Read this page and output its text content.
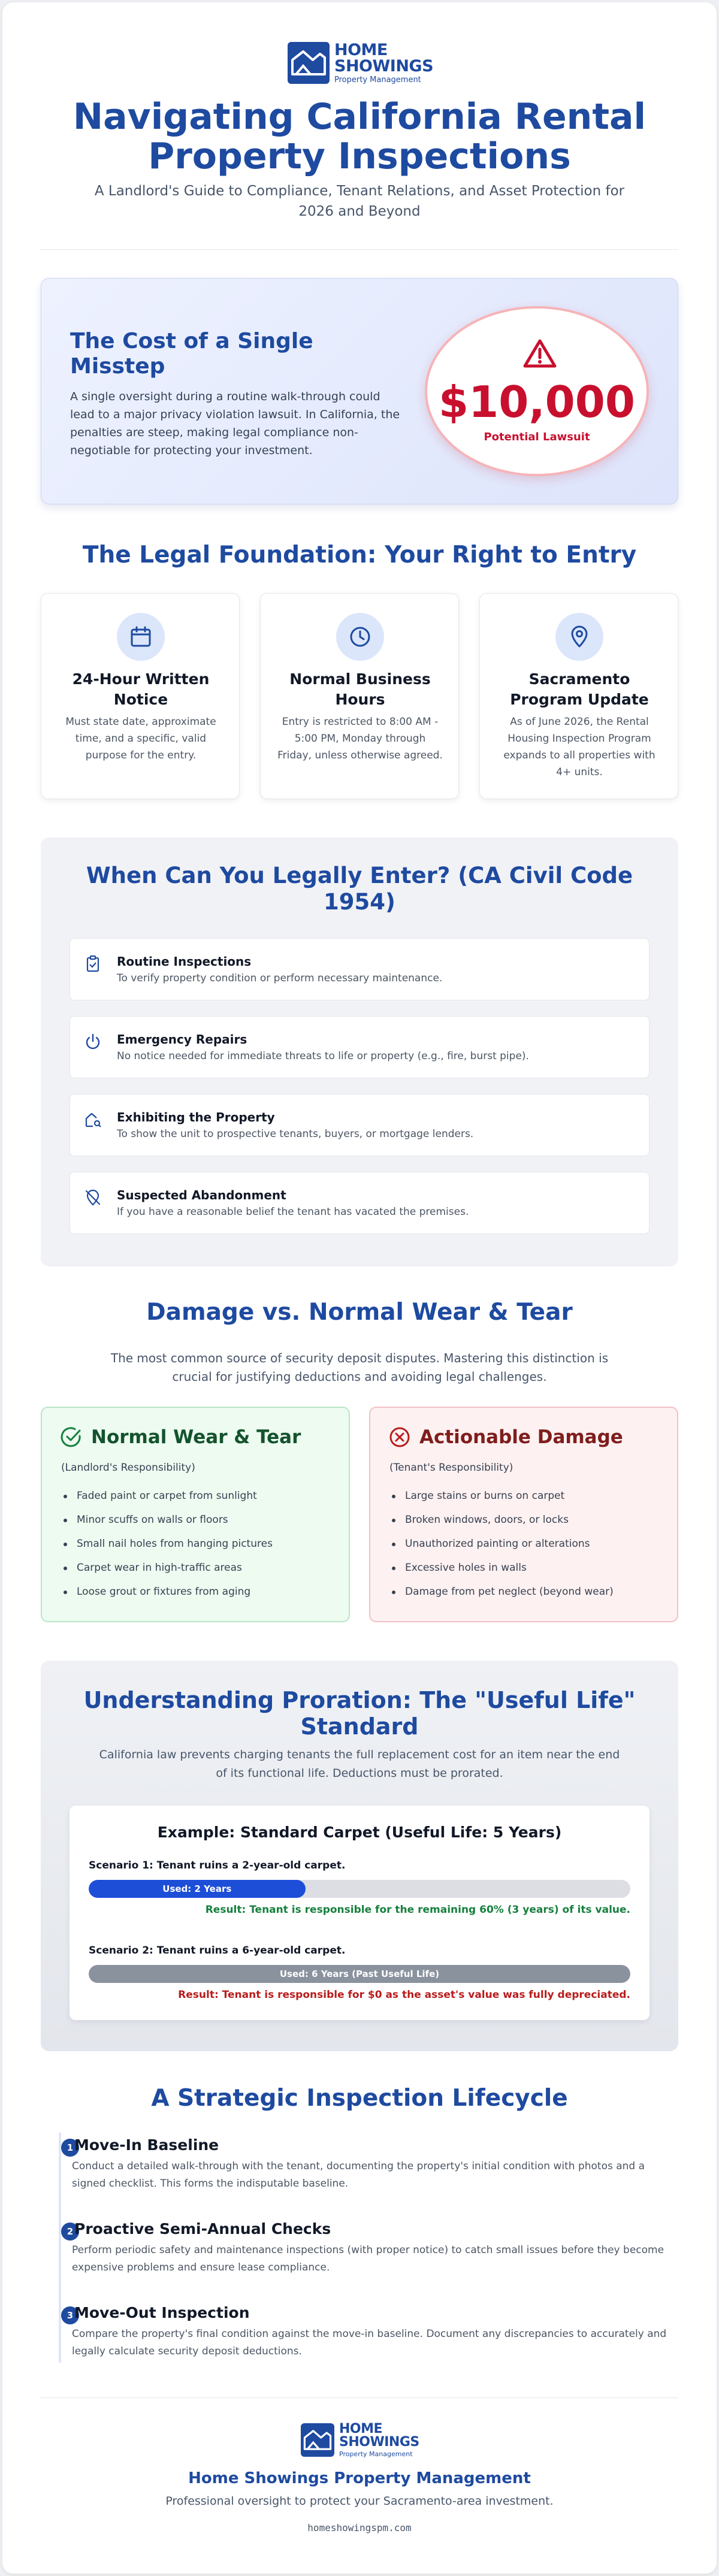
HOME
SHOWINGS
Property Management
Navigating California Rental Property Inspections
A Landlord's Guide to Compliance, Tenant Relations, and Asset Protection for 2026 and Beyond
The Cost of a Single Misstep
A single oversight during a routine walk-through could lead to a major privacy violation lawsuit. In California, the penalties are steep, making legal compliance non-negotiable for protecting your investment.
$10,000
Potential Lawsuit
The Legal Foundation: Your Right to Entry
24-Hour Written Notice
Must state date, approximate time, and a specific, valid purpose for the entry.
Normal Business Hours
Entry is restricted to 8:00 AM - 5:00 PM, Monday through Friday, unless otherwise agreed.
Sacramento Program Update
As of June 2026, the Rental Housing Inspection Program expands to all properties with 4+ units.
When Can You Legally Enter? (CA Civil Code 1954)
Routine Inspections
To verify property condition or perform necessary maintenance.
Emergency Repairs
No notice needed for immediate threats to life or property (e.g., fire, burst pipe).
Exhibiting the Property
To show the unit to prospective tenants, buyers, or mortgage lenders.
Suspected Abandonment
If you have a reasonable belief the tenant has vacated the premises.
Damage vs. Normal Wear & Tear
The most common source of security deposit disputes. Mastering this distinction is crucial for justifying deductions and avoiding legal challenges.
Normal Wear & Tear
(Landlord's Responsibility)
Faded paint or carpet from sunlight
Minor scuffs on walls or floors
Small nail holes from hanging pictures
Carpet wear in high-traffic areas
Loose grout or fixtures from aging
Actionable Damage
(Tenant's Responsibility)
Large stains or burns on carpet
Broken windows, doors, or locks
Unauthorized painting or alterations
Excessive holes in walls
Damage from pet neglect (beyond wear)
Understanding Proration: The "Useful Life" Standard
California law prevents charging tenants the full replacement cost for an item near the end of its functional life. Deductions must be prorated.
Example: Standard Carpet (Useful Life: 5 Years)
Scenario 1: Tenant ruins a 2-year-old carpet.
Used: 2 Years
Result: Tenant is responsible for the remaining 60% (3 years) of its value.
Scenario 2: Tenant ruins a 6-year-old carpet.
Used: 6 Years (Past Useful Life)
Result: Tenant is responsible for $0 as the asset's value was fully depreciated.
A Strategic Inspection Lifecycle
1 Move-In Baseline
Conduct a detailed walk-through with the tenant, documenting the property's initial condition with photos and a signed checklist. This forms the indisputable baseline.
2 Proactive Semi-Annual Checks
Perform periodic safety and maintenance inspections (with proper notice) to catch small issues before they become expensive problems and ensure lease compliance.
3 Move-Out Inspection
Compare the property's final condition against the move-in baseline. Document any discrepancies to accurately and legally calculate security deposit deductions.
HOME
SHOWINGS
Property Management
Home Showings Property Management
Professional oversight to protect your Sacramento-area investment.
homeshowingspm.com
